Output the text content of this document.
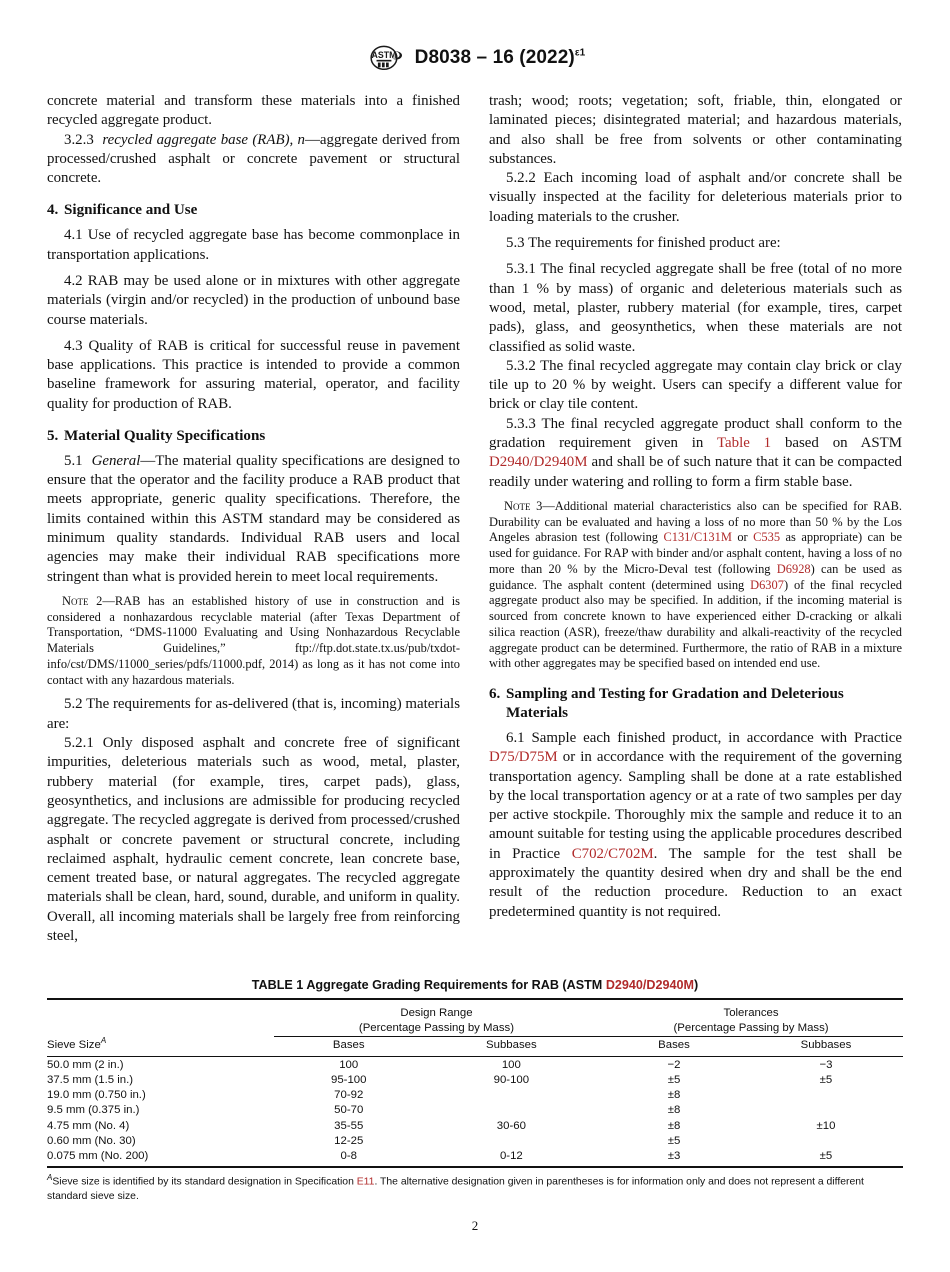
ASTM D8038 – 16 $(2022)^{\varepsilon 1}$

concrete material and transform these materials into a finished recycled aggregate product.

3.2.3 recycled aggregate base (RAB), n—aggregate derived from processed/crushed asphalt or concrete pavement or structural concrete.

4. Significance and Use

4.1 Use of recycled aggregate base has become commonplace in transportation applications.

4.2 RAB may be used alone or in mixtures with other aggregate materials (virgin and/or recycled) in the production of unbound base course materials.

4.3 Quality of RAB is critical for successful reuse in pavement base applications. This practice is intended to provide a common baseline framework for assuring material, operator, and facility quality for production of RAB.

5. Material Quality Specifications

5.1 General—The material quality specifications are designed to ensure that the operator and the facility produce a RAB product that meets appropriate, generic quality specifications. Therefore, the limits contained within this ASTM standard may be considered as minimum quality standards. Individual RAB users and local agencies may make their individual RAB specifications more stringent than what is provided herein to meet local requirements.

Note 2—RAB has an established history of use in construction and is considered a nonhazardous recyclable material (after Texas Department of Transportation, “DMS-11000 Evaluating and Using Nonhazardous Recyclable Materials Guidelines,” ftp://ftp.dot.state.tx.us/pub/txdot-info/cst/DMS/11000_series/pdfs/11000.pdf, 2014) as long as it has not come into contact with any hazardous materials.

5.2 The requirements for as-delivered (that is, incoming) materials are:

5.2.1 Only disposed asphalt and concrete free of significant impurities, deleterious materials such as wood, metal, plaster, rubbery material (for example, tires, carpet pads), glass, geosynthetics, and inclusions are admissible for producing recycled aggregate. The recycled aggregate is derived from processed/crushed asphalt or concrete pavement or structural concrete, including reclaimed asphalt, hydraulic cement concrete, lean concrete base, cement treated base, or natural aggregates. The recycled aggregate materials shall be clean, hard, sound, durable, and uniform in quality. Overall, all incoming materials shall be largely free from reinforcing steel,

trash; wood; roots; vegetation; soft, friable, thin, elongated or laminated pieces; disintegrated material; and hazardous materials, and also shall be free from solvents or other contaminating substances.

5.2.2 Each incoming load of asphalt and/or concrete shall be visually inspected at the facility for deleterious materials prior to loading materials to the crusher.

5.3 The requirements for finished product are:

5.3.1 The final recycled aggregate shall be free (total of no more than 1 % by mass) of organic and deleterious materials such as wood, metal, plaster, rubbery material (for example, tires, carpet pads), glass, and geosynthetics, when these materials are not classified as solid waste.

5.3.2 The final recycled aggregate may contain clay brick or clay tile up to 20 % by weight. Users can specify a different value for brick or clay tile content.

5.3.3 The final recycled aggregate product shall conform to the gradation requirement given in Table 1 based on ASTM D2940/D2940M and shall be of such nature that it can be compacted readily under watering and rolling to form a firm stable base.

Note 3—Additional material characteristics also can be specified for RAB. Durability can be evaluated and having a loss of no more than 50 % by the Los Angeles abrasion test (following C131/C131M or C535 as appropriate) can be used for guidance. For RAP with binder and/or asphalt content, having a loss of no more than 20 % by the Micro-Deval test (following D6928) can be used as guidance. The asphalt content (determined using D6307) of the final recycled aggregate product also may be specified. In addition, if the incoming material is sourced from concrete known to have experienced either D-cracking or alkali silica reaction (ASR), freeze/thaw durability and alkali-reactivity of the recycled aggregate product can be determined. Furthermore, the ratio of RAB in a mixture with other aggregates may be specified based on intended end use.

6. Sampling and Testing for Gradation and Deleterious Materials

6.1 Sample each finished product, in accordance with Practice D75/D75M or in accordance with the requirement of the governing transportation agency. Sampling shall be done at a rate established by the local transportation agency or at a rate of two samples per day per active stockpile. Thoroughly mix the sample and reduce it to an amount suitable for testing using the applicable procedures described in Practice C702/C702M. The sample for the test shall be approximately the quantity desired when dry and shall be the end result of the reduction procedure. Reduction to an exact predetermined quantity is not required.

TABLE 1 Aggregate Grading Requirements for RAB (ASTM D2940/D2940M)

Sieve Size$^A$	
Design Range
(Percentage Passing by Mass)

Tolerances
(Percentage Passing by Mass)

	Bases	Subbases	Bases	Subbases

50.0 mm (2 in.)	100	100	−2	−3
37.5 mm (1.5 in.)	95-100	90-100	±5	±5
19.0 mm (0.750 in.)	70-92		±8	
9.5 mm (0.375 in.)	50-70		±8	
4.75 mm (No. 4)	35-55	30-60	±8	±10
0.60 mm (No. 30)	12-25		±5	
0.075 mm (No. 200)	0-8	0-12	±3	±5

$^A$Sieve size is identified by its standard designation in Specification E11. The alternative designation given in parentheses is for information only and does not represent a different standard sieve size.
2
